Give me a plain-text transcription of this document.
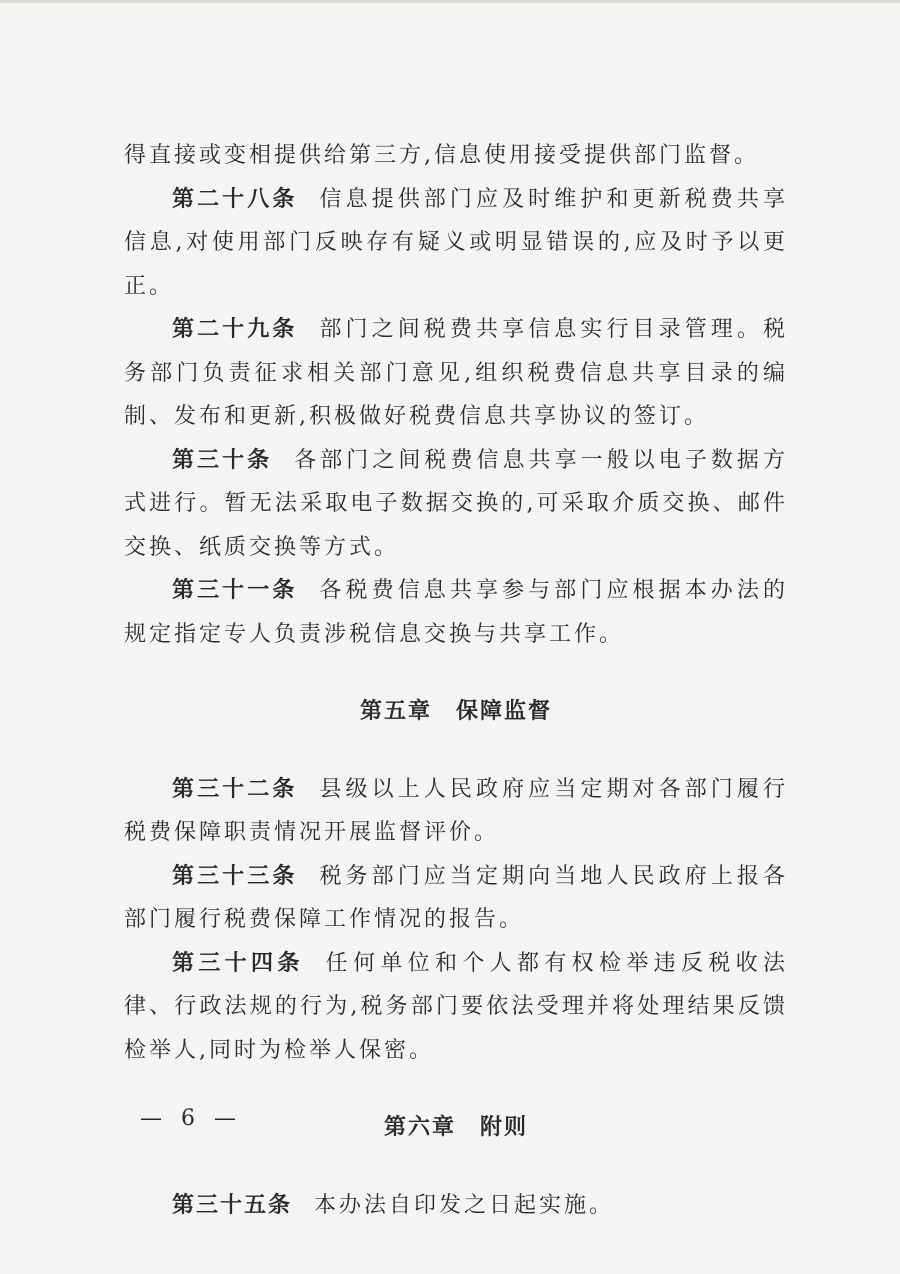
得直接或变相提供给第三方,信息使用接受提供部门监督。

第二十八条 信息提供部门应及时维护和更新税费共享信息,对使用部门反映存有疑义或明显错误的,应及时予以更正。

第二十九条 部门之间税费共享信息实行目录管理。税务部门负责征求相关部门意见,组织税费信息共享目录的编制、发布和更新,积极做好税费信息共享协议的签订。

第三十条 各部门之间税费信息共享一般以电子数据方式进行。暂无法采取电子数据交换的,可采取介质交换、邮件交换、纸质交换等方式。

第三十一条 各税费信息共享参与部门应根据本办法的规定指定专人负责涉税信息交换与共享工作。

第五章 保障监督

第三十二条 县级以上人民政府应当定期对各部门履行税费保障职责情况开展监督评价。

第三十三条 税务部门应当定期向当地人民政府上报各部门履行税费保障工作情况的报告。

第三十四条 任何单位和个人都有权检举违反税收法律、行政法规的行为,税务部门要依法受理并将处理结果反馈检举人,同时为检举人保密。

第六章 附则

第三十五条 本办法自印发之日起实施。

— 6 —
